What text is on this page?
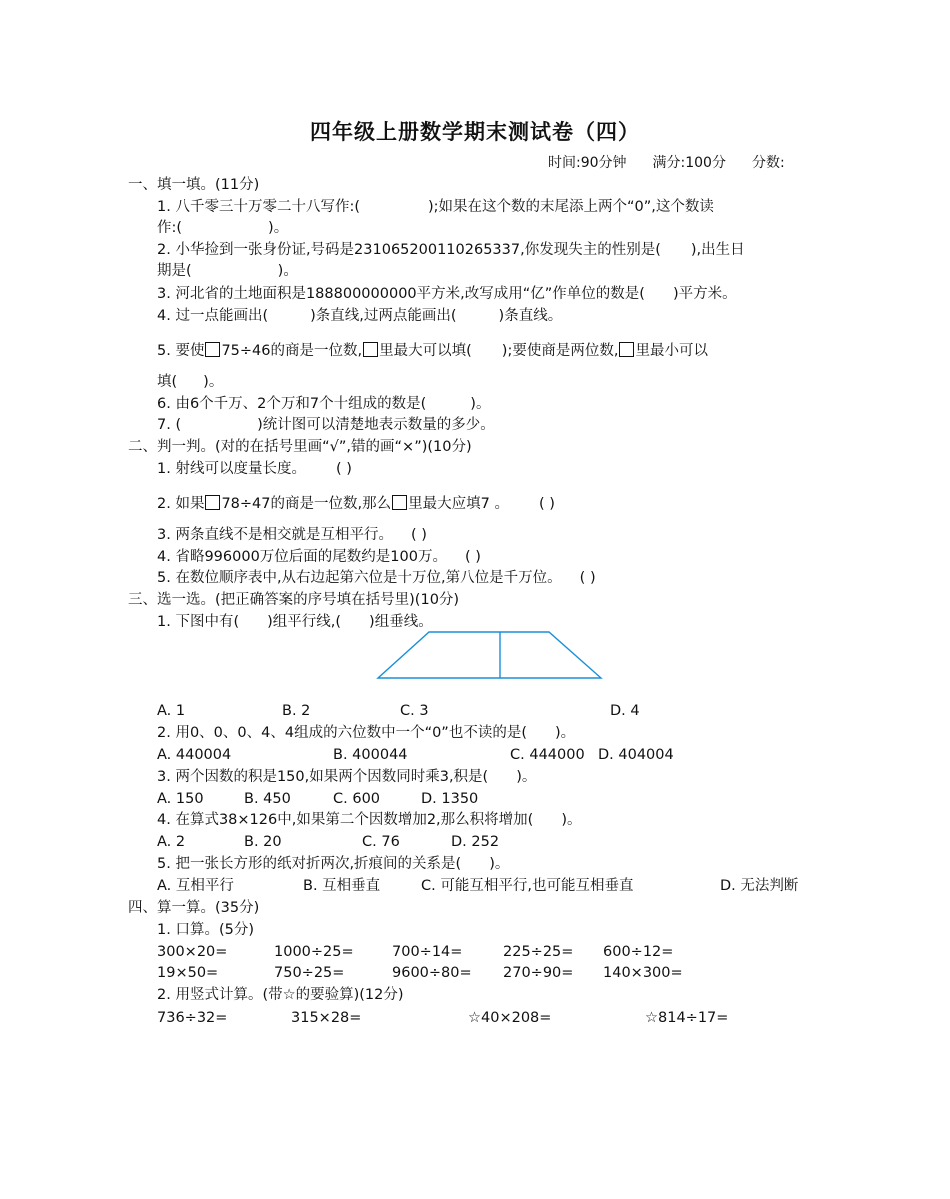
四年级上册数学期末测试卷（四）
时间:90分钟 满分:100分 分数:
一、填一填。(11分)
1. 八千零三十万零二十八写作:(	);如果在这个数的末尾添上两个“0”,这个数读
作:(	)。
2. 小华捡到一张身份证,号码是23106520011026533​7,你发现失主的性别是( ),出生日
期是(	)。
3. 河北省的土地面积是188800000000平方米,改写成用“亿”作单位的数是( )平方米。
4. 过一点能画出(	)条直线,过两点能画出(	)条直线。
5. 要使 75÷46的商是一位数, 里最大可以填( );要使商是两位数, 里最小可以
填( )。
6. 由6个千万、2个万和7个十组成的数是(	)。
7. (	)统计图可以清楚地表示数量的多少。
二、判一判。(对的在括号里画“√”,错的画“×”)(10分)
1. 射线可以度量长度。 ( )
2. 如果 78÷47的商是一位数,那么 里最大应填7 。 ( )
3. 两条直线不是相交就是互相平行。 ( )
4. 省略996000万位后面的尾数约是100万。 ( )
5. 在数位顺序表中,从右边起第六位是十万位,第八位是千万位。 ( )
三、选一选。(把正确答案的序号填在括号里)(10分)
1. 下图中有( )组平行线,( )组垂线。
A. 1	B. 2	C. 3	D. 4
2. 用0、0、0、4、4组成的六位数中一个“0”也不读的是( )。
A. 440004	B. 400044	C. 444000 D. 404004
3. 两个因数的积是150,如果两个因数同时乘3,积是( )。
A. 150	B. 450	C. 600	D. 1350
4. 在算式38×126中,如果第二个因数增加2,那么积将增加( )。
A. 2	B. 20	C. 76	D. 252
5. 把一张长方形的纸对折两次,折痕间的关系是( )。
A. 互相平行	B. 互相垂直	C. 可能互相平行,也可能互相垂直	D. 无法判断
四、算一算。(35分)
1. 口算。(5分)
300×20=	1000÷25=	700÷14=	225÷25= 600÷12=
19×50=	750÷25=	9600÷80= 270÷90= 140×300=
2. 用竖式计算。(带☆的要验算)(12分)
736÷32=	315×28=	☆40×208=	☆814÷17=
